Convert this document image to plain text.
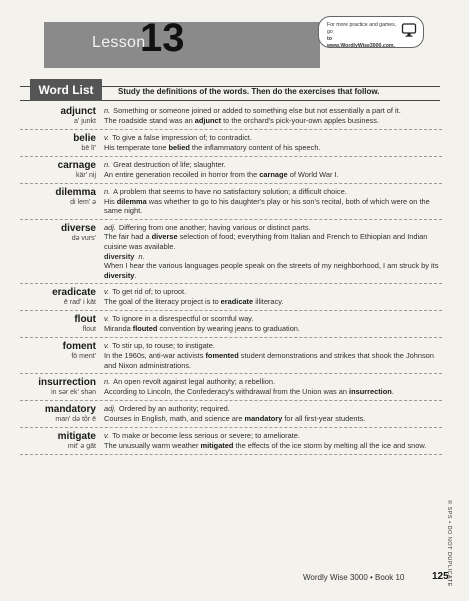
Lesson
13	For more practice and games, go
to www.WordlyWise3000.com.
Word List	Study the definitions of the words. Then do the exercises that follow.
adjunct
a' junkt
n. Something or someone joined or added to something else but not essentially a part of it.
The roadside stand was an adjunct to the orchard's pick-your-own apples business.
belie
bē lī'
v. To give a false impression of; to contradict.
His temperate tone belied the inflammatory content of his speech.
carnage
kär' nij
n. Great destruction of life; slaughter.
An entire generation recoiled in horror from the carnage of World War I.
dilemma
di lem' ə
n. A problem that seems to have no satisfactory solution; a difficult choice.
His dilemma was whether to go to his daughter's play or his son's recital, both of which were on the same night.
diverse
də vurs'
adj. Differing from one another; having various or distinct parts.
The fair had a diverse selection of food; everything from Italian and French to Ethiopian and Indian cuisine was available.
diversity n.
When I hear the various languages people speak on the streets of my neighborhood, I am struck by its diversity.
eradicate
ē rad' i kāt
v. To get rid of; to uproot.
The goal of the literacy project is to eradicate illiteracy.
flout
flout
v. To ignore in a disrespectful or scornful way.
Miranda flouted convention by wearing jeans to graduation.
foment
fō ment'
v. To stir up, to rouse; to instigate.
In the 1960s, anti-war activists fomented student demonstrations and strikes that shook the Johnson and Nixon administrations.
insurrection
in sər ek' shən
n. An open revolt against legal authority; a rebellion.
According to Lincoln, the Confederacy's withdrawal from the Union was an insurrection.
mandatory
man' də tôr ē
adj. Ordered by an authority; required.
Courses in English, math, and science are mandatory for all first-year students.
mitigate
mit' ə gāt
v. To make or become less serious or severe; to ameliorate.
The unusually warm weather mitigated the effects of the ice storm by melting all the ice and snow.
Wordly Wise 3000 • Book 10	125
© SPS • DO NOT DUPLICATE
